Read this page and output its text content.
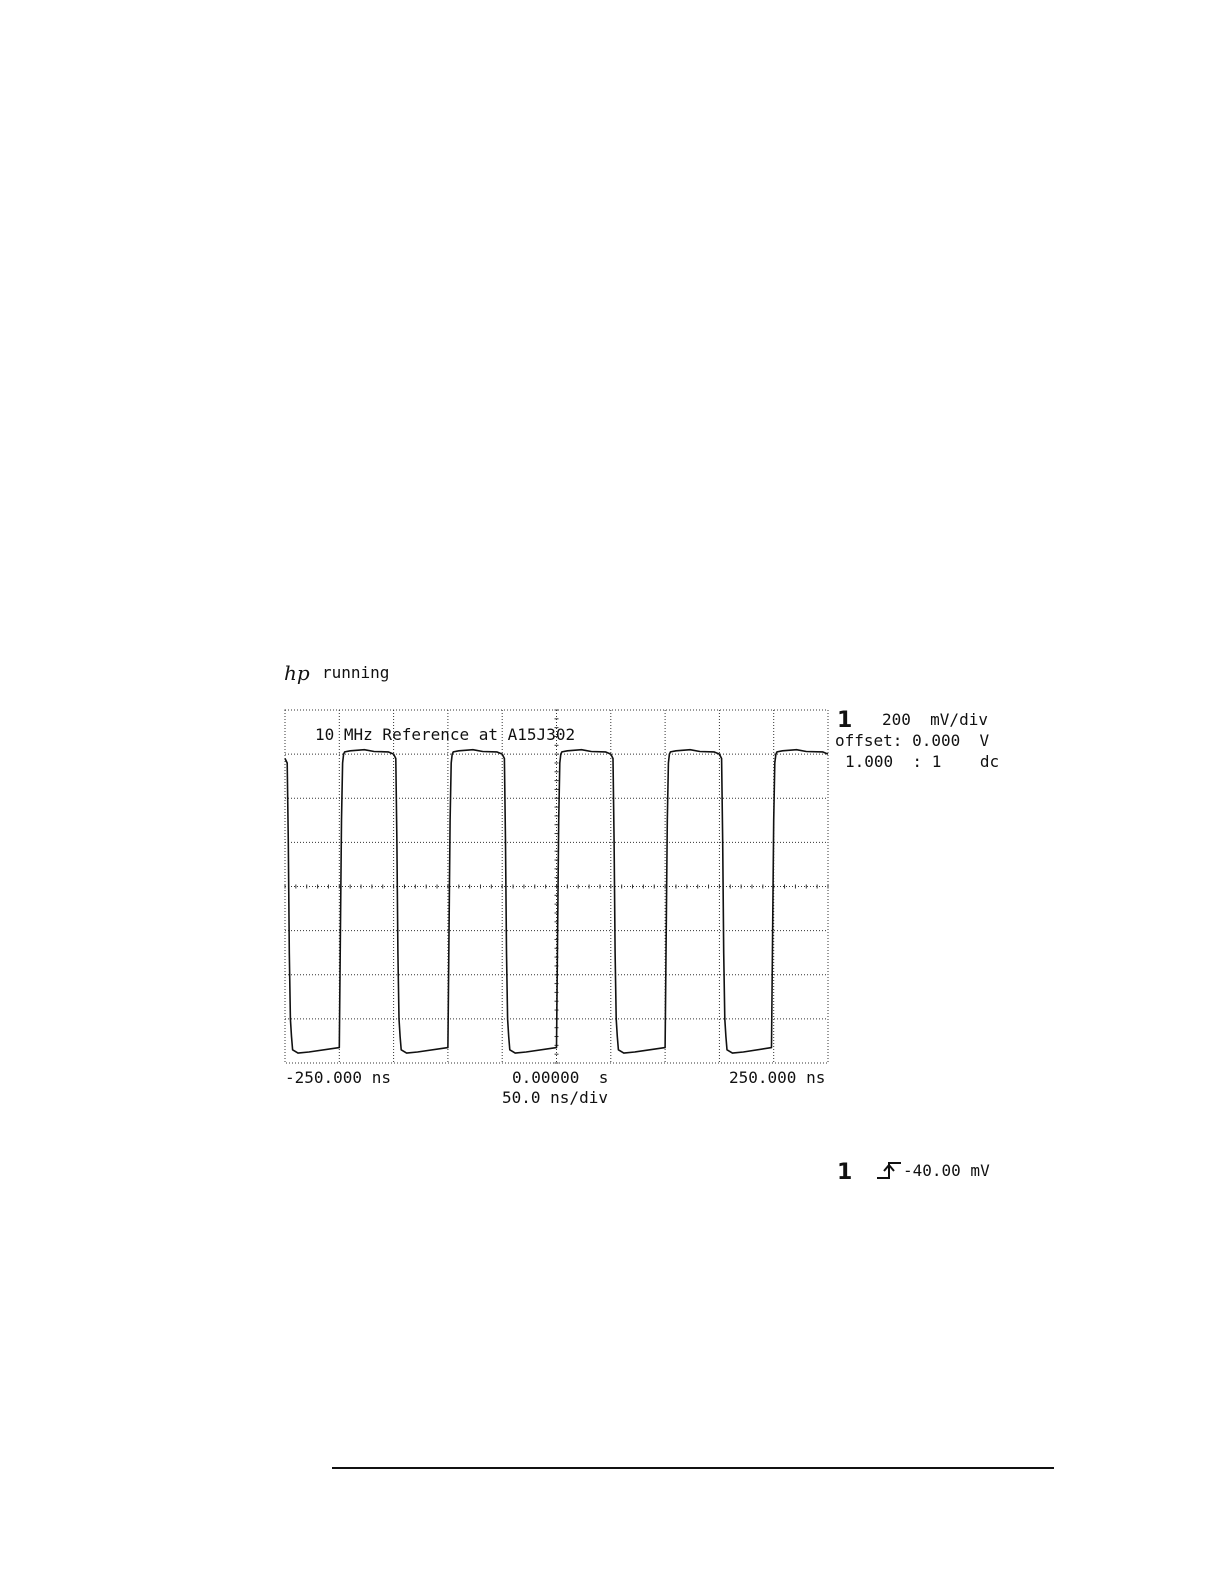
hp running
10 MHz Reference at A15J302
1 200  mV/div
offset: 0.000  V
1.000  : 1    dc
-250.000 ns	0.00000  s	250.000 ns
50.0 ns/div
1	-40.00 mV
